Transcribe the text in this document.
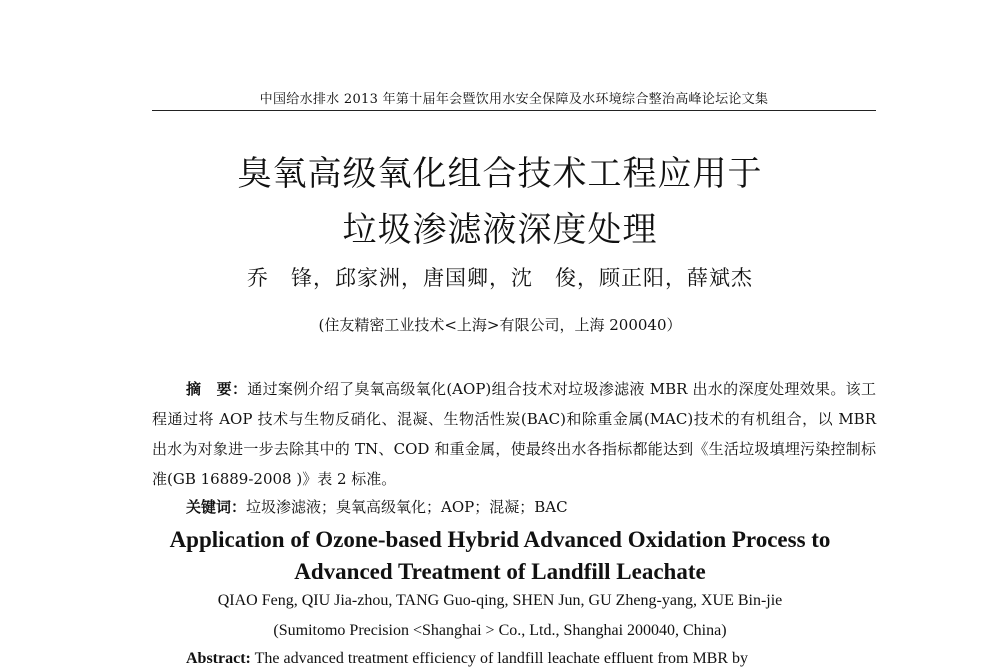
中国给水排水 2013 年第十届年会暨饮用水安全保障及水环境综合整治高峰论坛论文集
臭氧高级氧化组合技术工程应用于
垃圾渗滤液深度处理
乔　锋，邱家洲，唐国卿，沈　俊，顾正阳，薛斌杰
(住友精密工业技术<上海>有限公司，上海 200040）
摘　要：通过案例介绍了臭氧高级氧化(AOP)组合技术对垃圾渗滤液 MBR 出水的深度处理效果。该工程通过将 AOP 技术与生物反硝化、混凝、生物活性炭(BAC)和除重金属(MAC)技术的有机组合，以 MBR 出水为对象进一步去除其中的 TN、COD 和重金属，使最终出水各指标都能达到《生活垃圾填埋污染控制标准(GB 16889-2008 )》表 2 标准。
关键词：垃圾渗滤液；臭氧高级氧化；AOP；混凝；BAC
Application of Ozone-based Hybrid Advanced Oxidation Process to
Advanced Treatment of Landfill Leachate
QIAO Feng, QIU Jia-zhou, TANG Guo-qing, SHEN Jun, GU Zheng-yang, XUE Bin-jie
(Sumitomo Precision <Shanghai > Co., Ltd., Shanghai 200040, China)
Abstract: The advanced treatment efficiency of landfill leachate effluent from MBR by
